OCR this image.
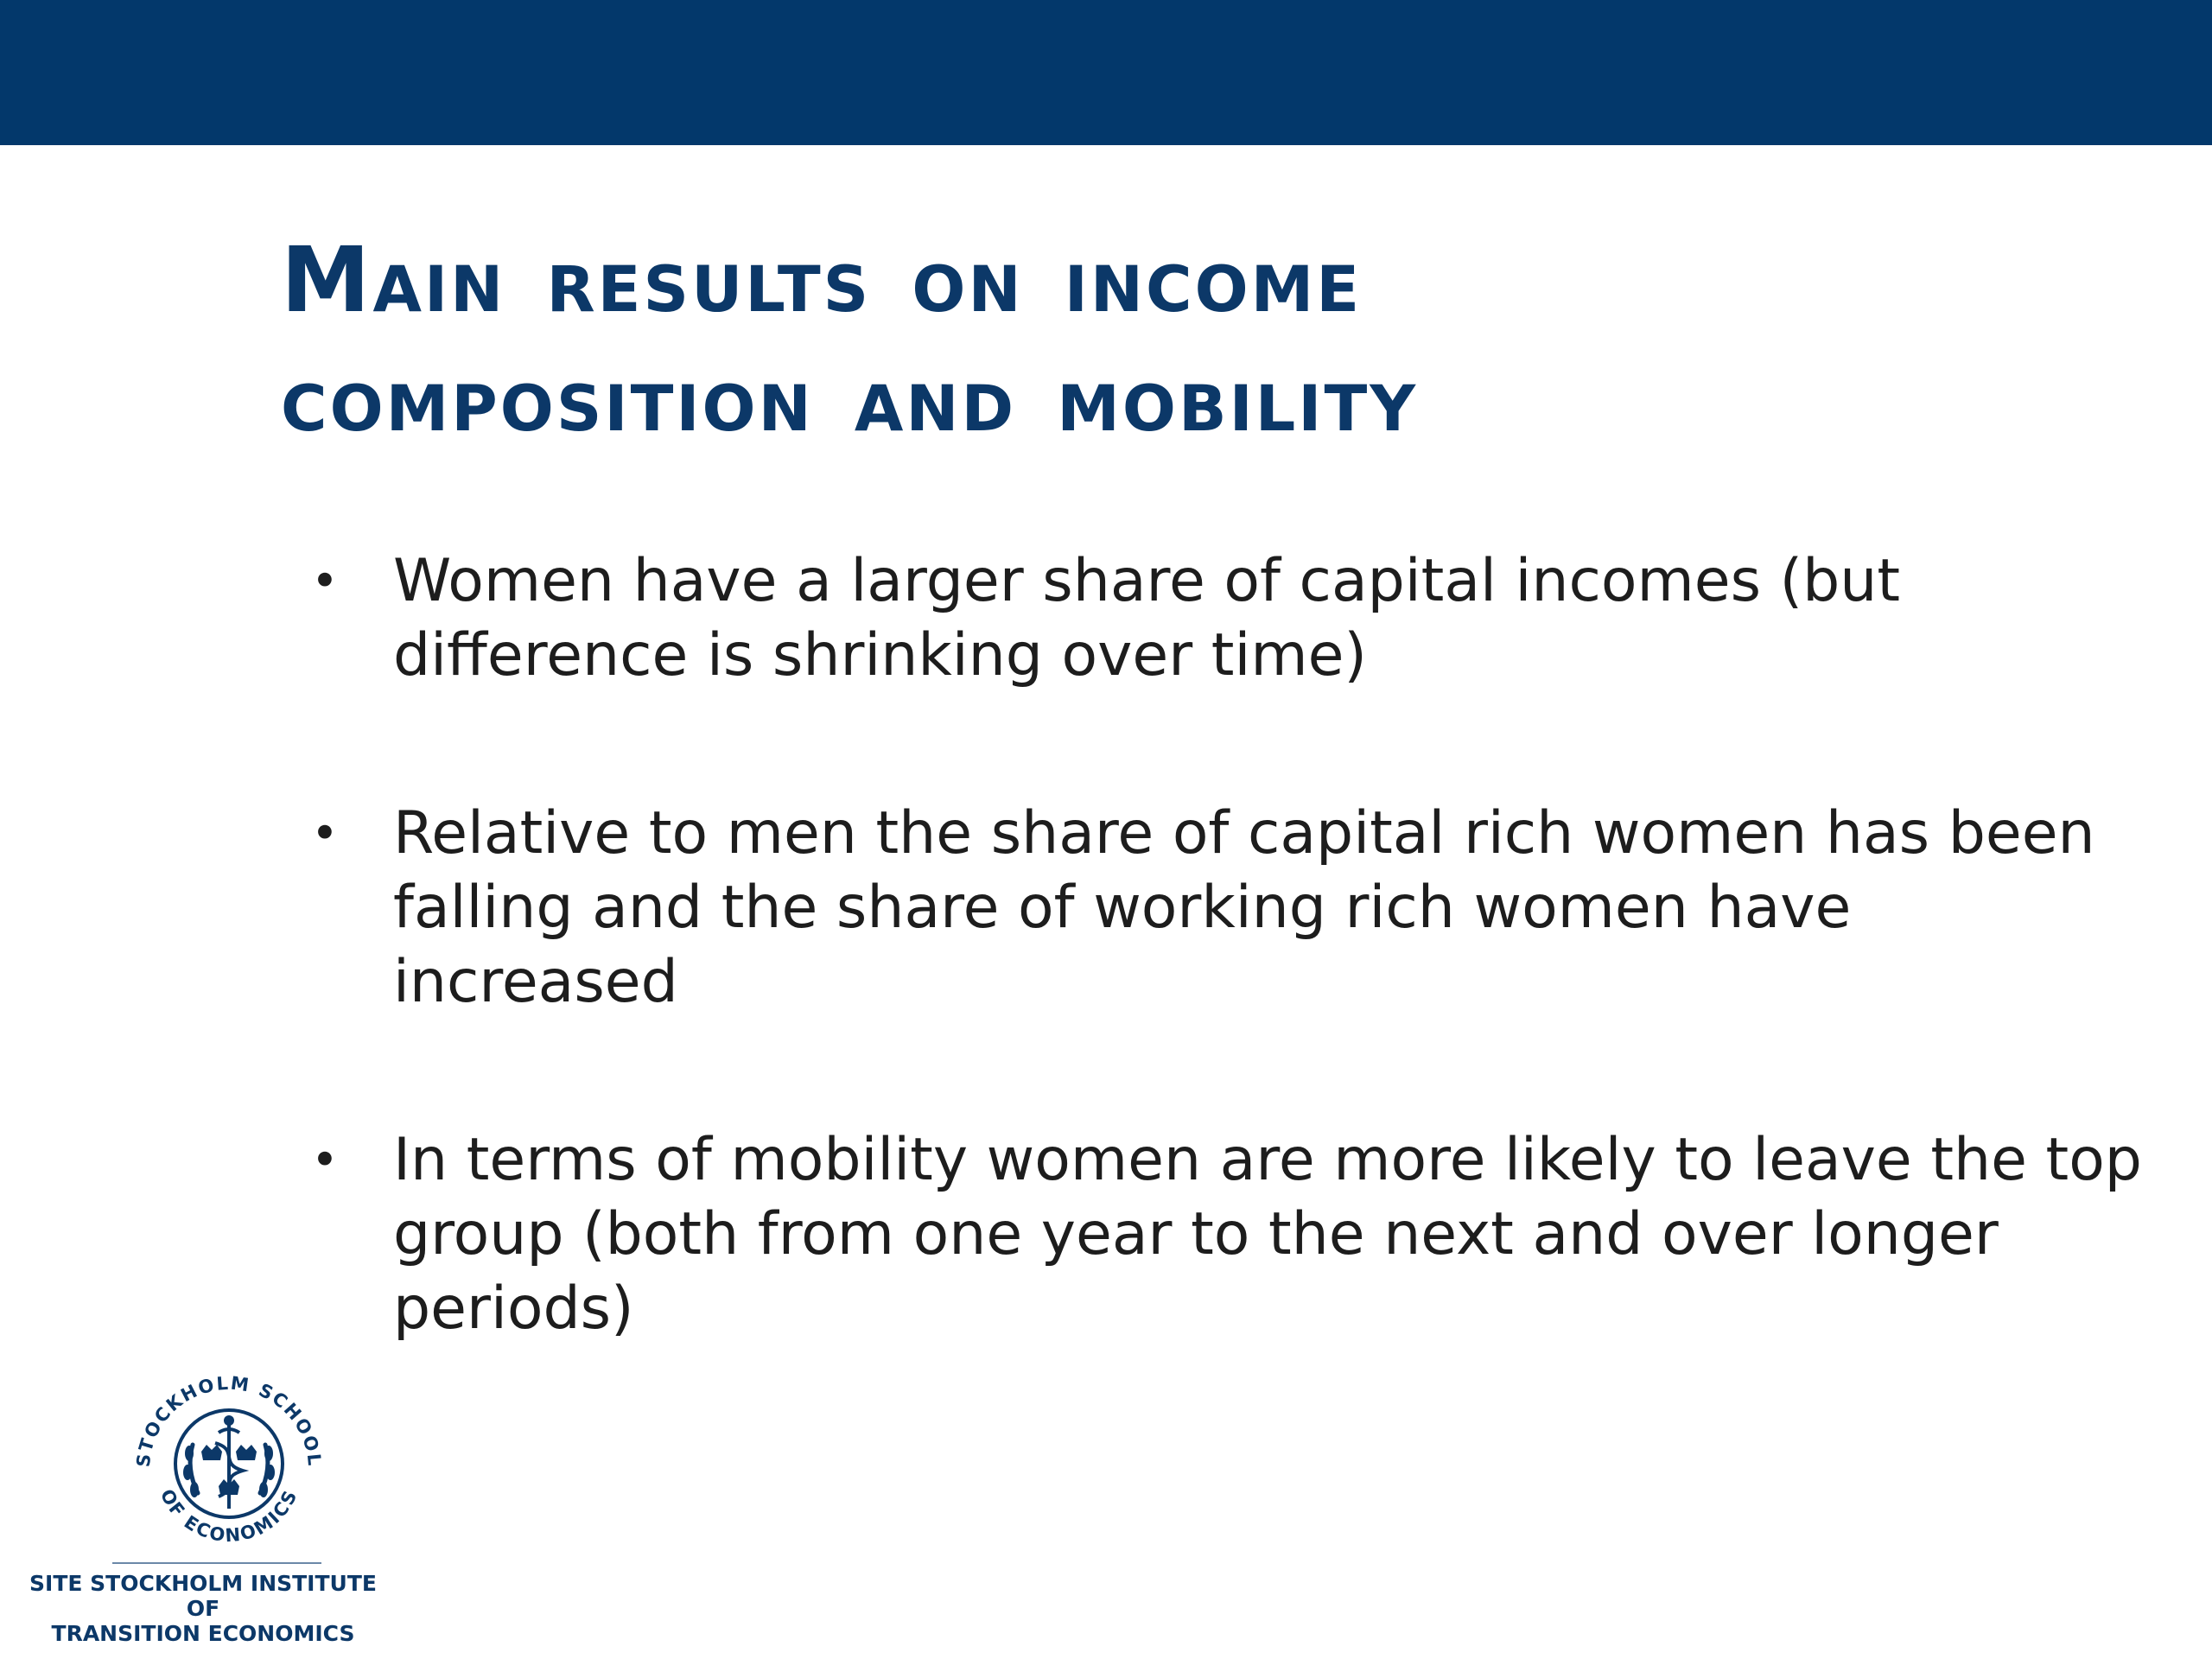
Main results on income
composition and mobility
• Women have a larger share of capital incomes (but difference is shrinking over time)
• Relative to men the share of capital rich women has been falling and the share of working rich women have increased
• In terms of mobility women are more likely to leave the top group (both from one year to the next and over longer periods)
STOCKHOLM SCHOOL
OF ECONOMICS
SITE STOCKHOLM INSTITUTE OF
TRANSITION ECONOMICS
